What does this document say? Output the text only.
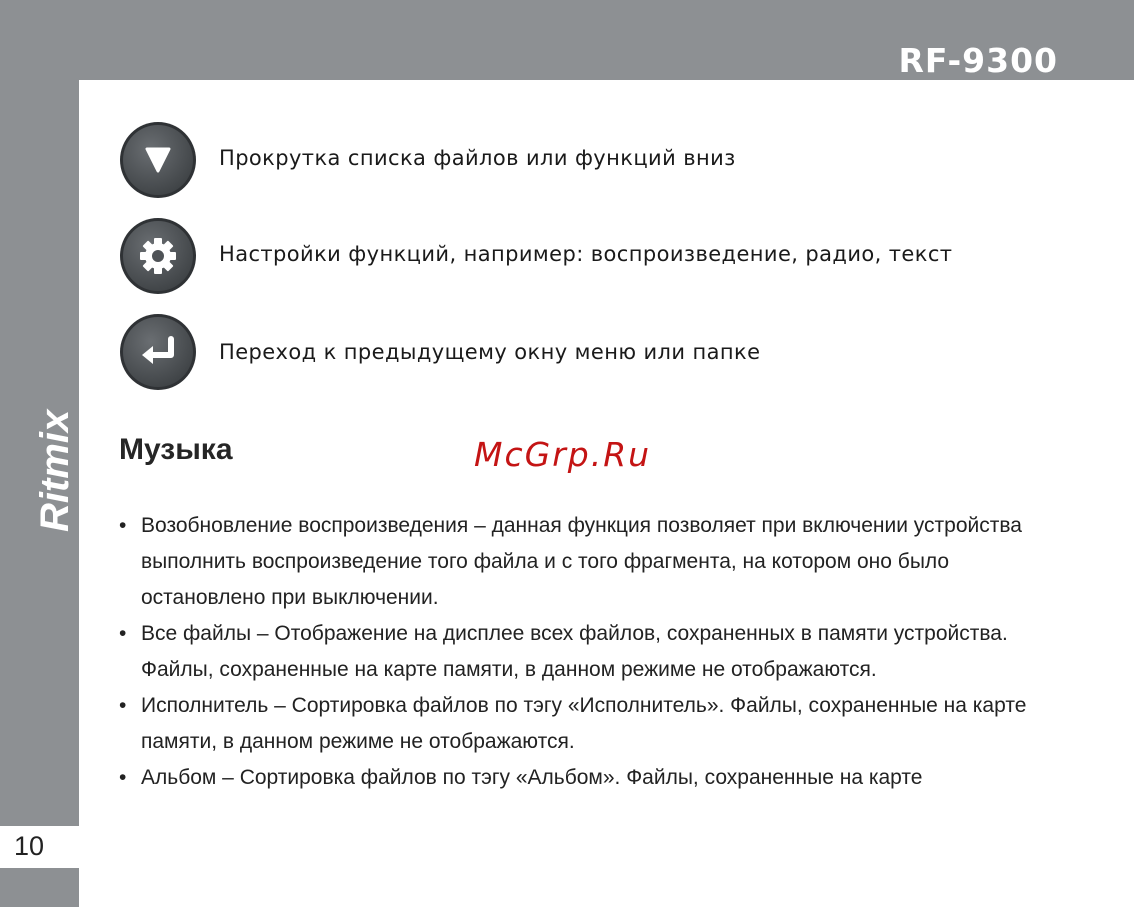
RF-9300
Ritmix
10
Прокрутка списка файлов или функций вниз
Настройки функций, например: воспроизведение, радио, текст
Переход к предыдущему окну меню или папке
Музыка	McGrp.Ru
• Возобновление воспроизведения – данная функция позволяет при включении устройства выполнить воспроизведение того файла и с того фрагмента, на котором оно было остановлено при выключении.
• Все файлы – Отображение на дисплее всех файлов, сохраненных в памяти устройства. Файлы, сохраненные на карте памяти, в данном режиме не отображаются.
• Исполнитель – Сортировка файлов по тэгу «Исполнитель». Файлы, сохраненные на карте памяти, в данном режиме не отображаются.
• Альбом – Сортировка файлов по тэгу «Альбом». Файлы, сохраненные на карте
